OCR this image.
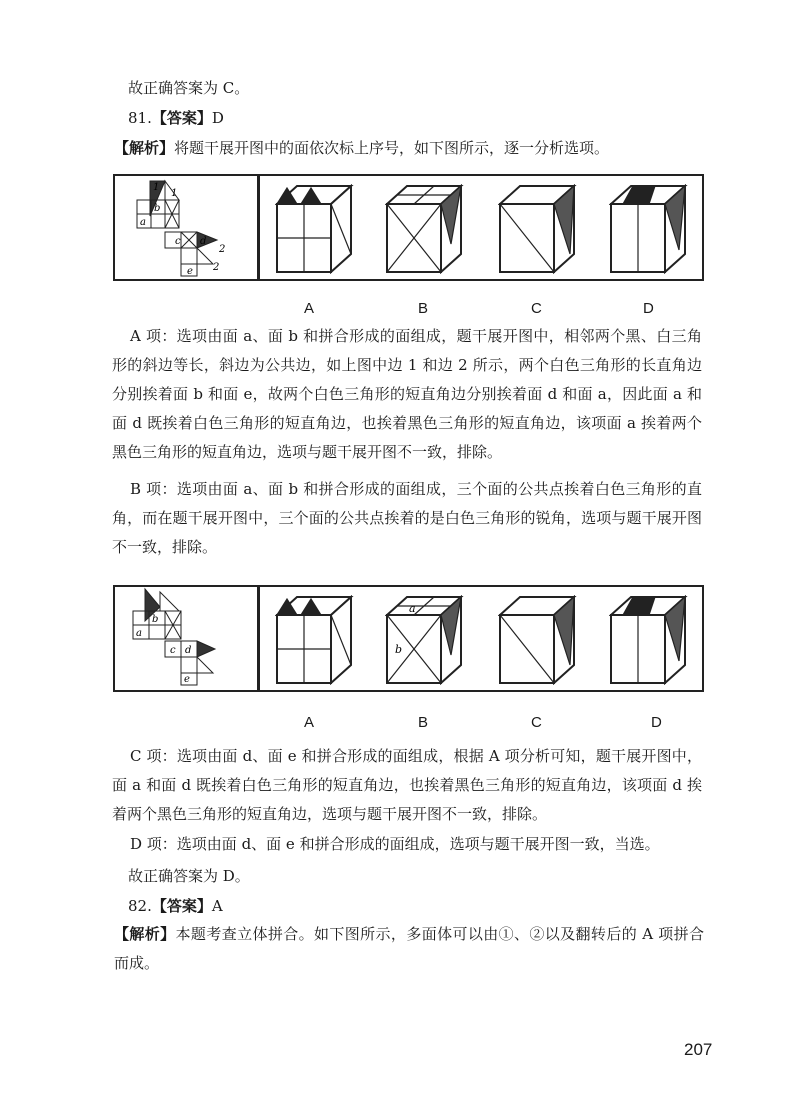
故正确答案为 C。
81.【答案】D
【解析】将题干展开图中的面依次标上序号，如下图所示，逐一分析选项。
1
1
a
b
c d
e
2
2
A	B	C	D
A 项：选项由面 a、面 b 和拼合形成的面组成，题干展开图中，相邻两个黑、白三角形的斜边等长，斜边为公共边，如上图中边 1 和边 2 所示，两个白色三角形的长直角边分别挨着面 b 和面 e，故两个白色三角形的短直角边分别挨着面 d 和面 a，因此面 a 和面 d 既挨着白色三角形的短直角边，也挨着黑色三角形的短直角边，该项面 a 挨着两个黑色三角形的短直角边，选项与题干展开图不一致，排除。
B 项：选项由面 a、面 b 和拼合形成的面组成，三个面的公共点挨着白色三角形的直角，而在题干展开图中，三个面的公共点挨着的是白色三角形的锐角，选项与题干展开图不一致，排除。
a
b
c d
e
a
b
A	B	C	D
C 项：选项由面 d、面 e 和拼合形成的面组成，根据 A 项分析可知，题干展开图中，面 a 和面 d 既挨着白色三角形的短直角边，也挨着黑色三角形的短直角边，该项面 d 挨着两个黑色三角形的短直角边，选项与题干展开图不一致，排除。
D 项：选项由面 d、面 e 和拼合形成的面组成，选项与题干展开图一致，当选。
故正确答案为 D。
82.【答案】A
【解析】本题考查立体拼合。如下图所示，多面体可以由①、②以及翻转后的 A 项拼合而成。
207
